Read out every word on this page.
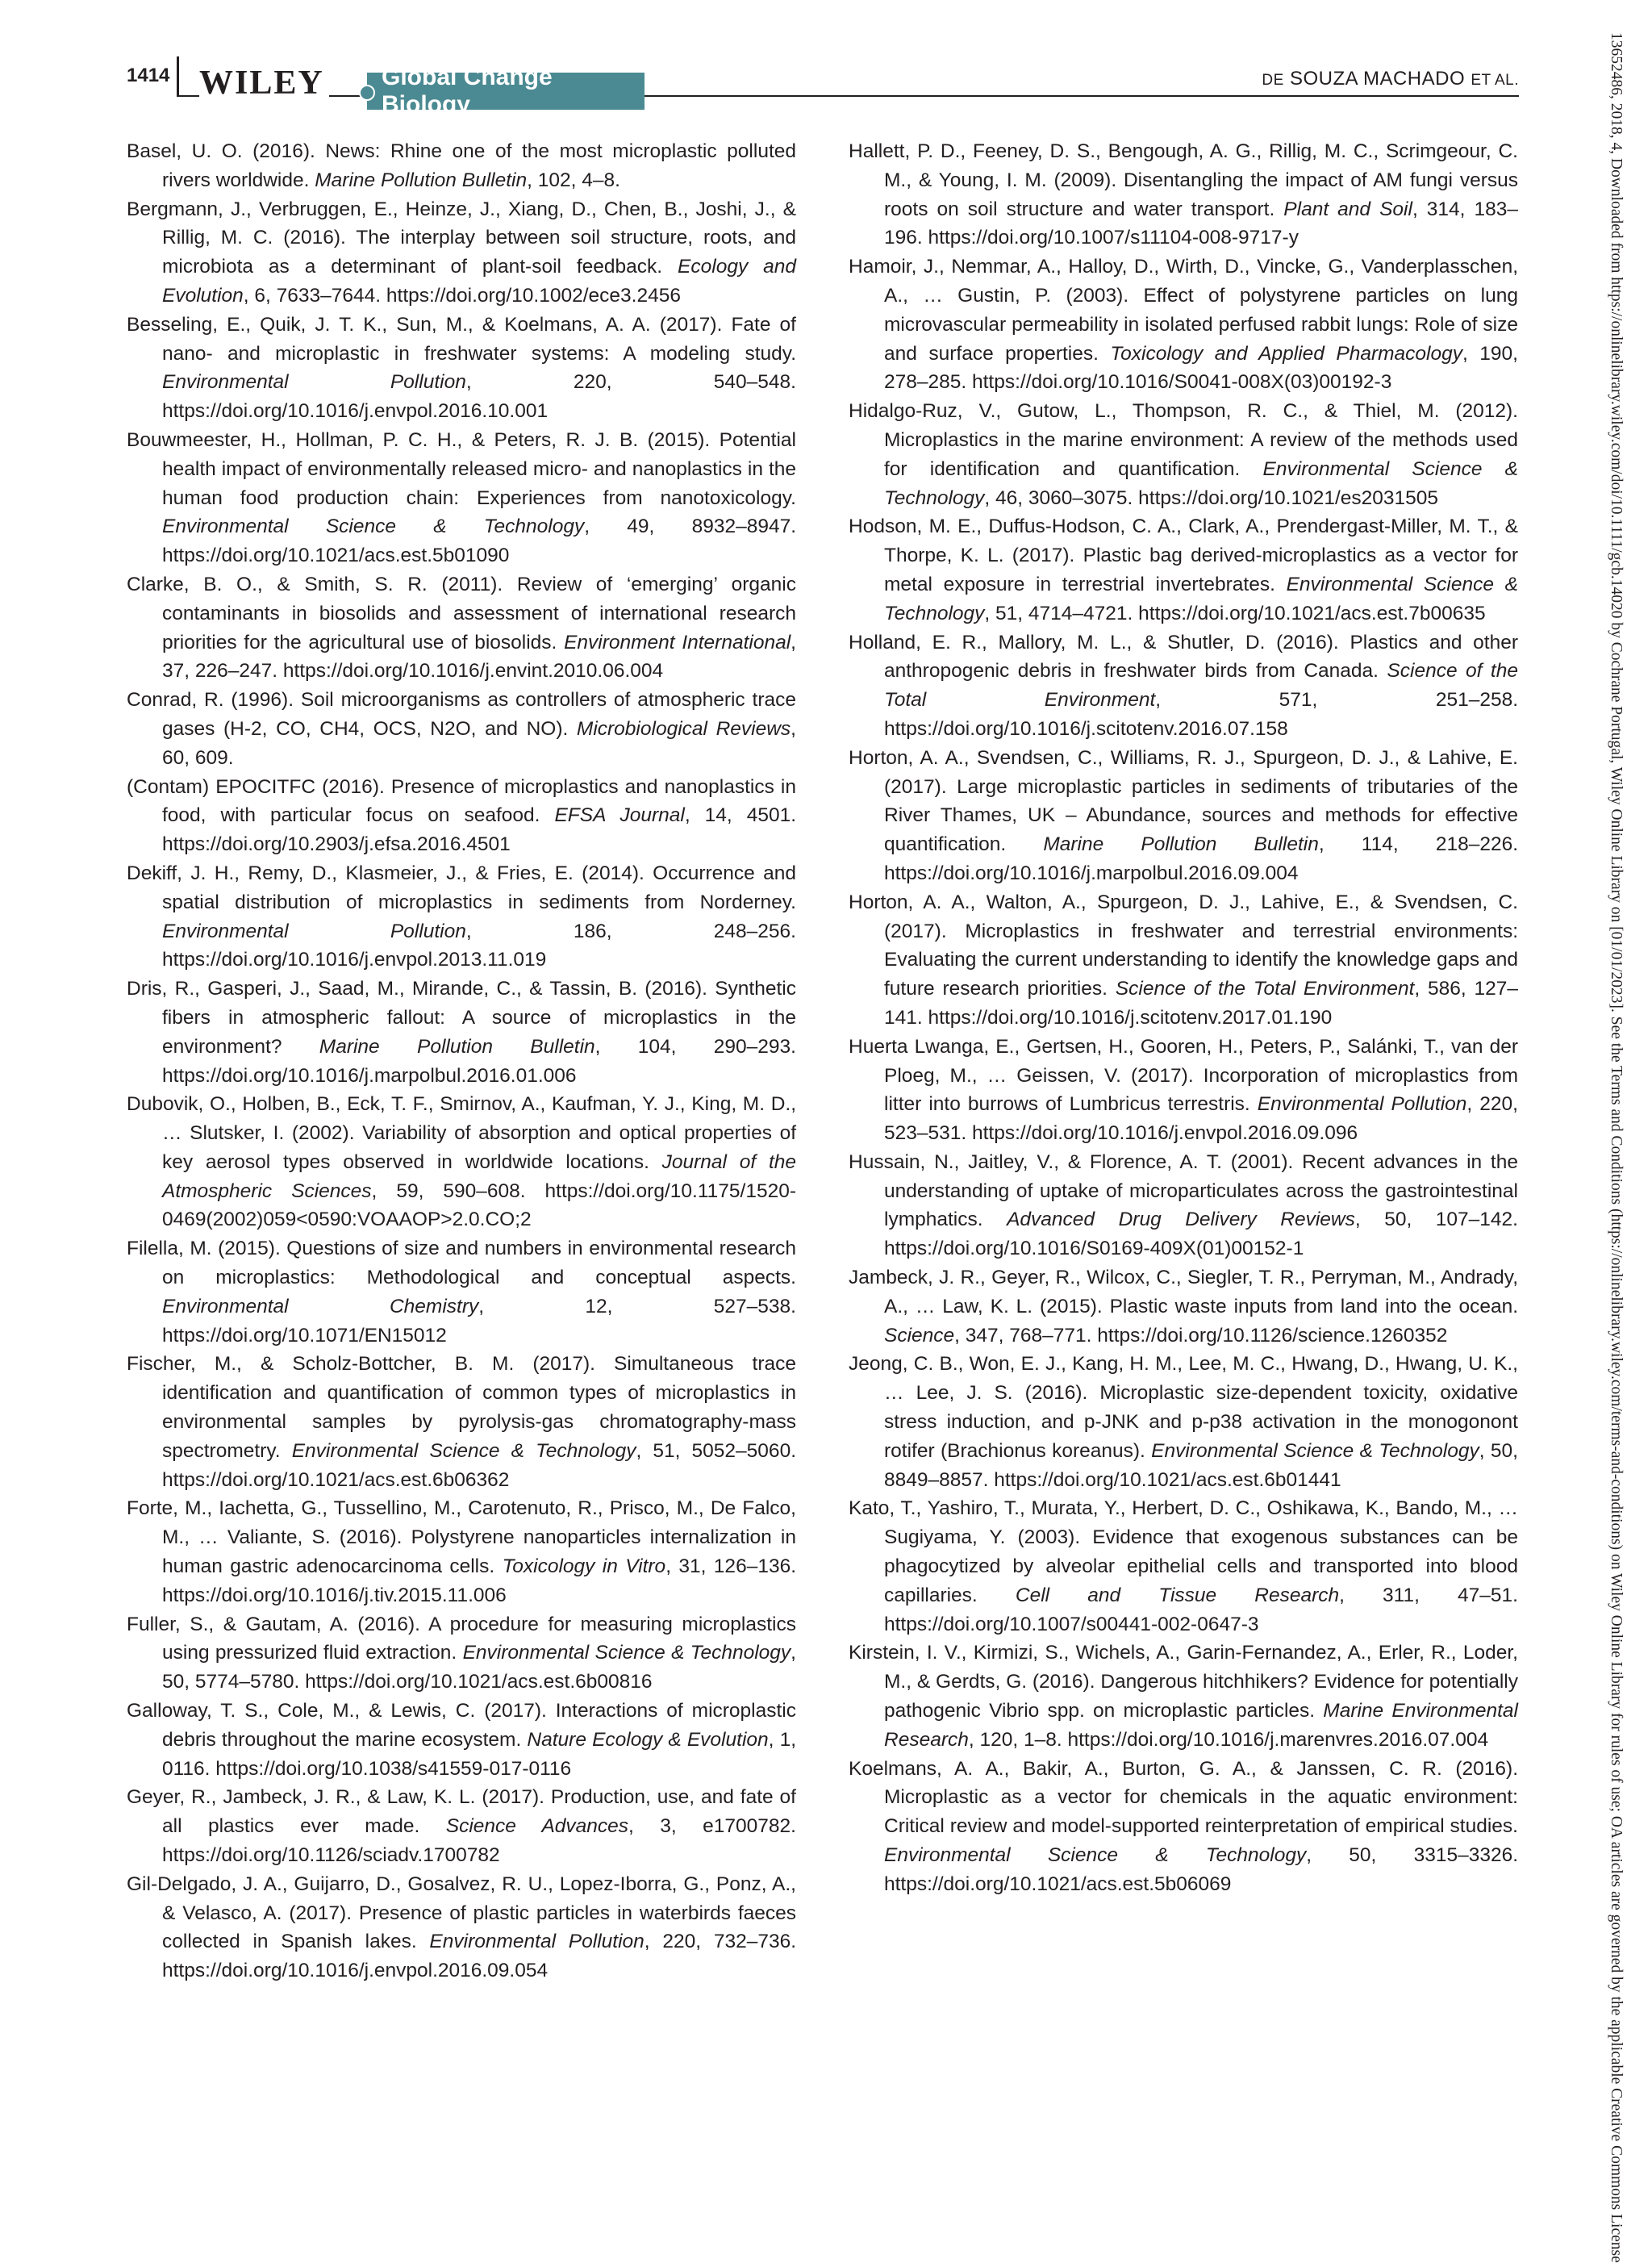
1414 WILEY Global Change Biology
DE SOUZA MACHADO ET AL.

Basel, U. O. (2016). News: Rhine one of the most microplastic polluted rivers worldwide. Marine Pollution Bulletin, 102, 4–8.

Bergmann, J., Verbruggen, E., Heinze, J., Xiang, D., Chen, B., Joshi, J., & Rillig, M. C. (2016). The interplay between soil structure, roots, and microbiota as a determinant of plant-soil feedback. Ecology and Evolution, 6, 7633–7644. https://doi.org/10.1002/ece3.2456

Besseling, E., Quik, J. T. K., Sun, M., & Koelmans, A. A. (2017). Fate of nano- and microplastic in freshwater systems: A modeling study. Environmental Pollution, 220, 540–548. https://doi.org/10.1016/j.envpol.2016.10.001

Bouwmeester, H., Hollman, P. C. H., & Peters, R. J. B. (2015). Potential health impact of environmentally released micro- and nanoplastics in the human food production chain: Experiences from nanotoxicology. Environmental Science & Technology, 49, 8932–8947. https://doi.org/10.1021/acs.est.5b01090

Clarke, B. O., & Smith, S. R. (2011). Review of ‘emerging’ organic contaminants in biosolids and assessment of international research priorities for the agricultural use of biosolids. Environment International, 37, 226–247. https://doi.org/10.1016/j.envint.2010.06.004

Conrad, R. (1996). Soil microorganisms as controllers of atmospheric trace gases (H-2, CO, CH4, OCS, N2O, and NO). Microbiological Reviews, 60, 609.

(Contam) EPOCITFC (2016). Presence of microplastics and nanoplastics in food, with particular focus on seafood. EFSA Journal, 14, 4501. https://doi.org/10.2903/j.efsa.2016.4501

Dekiff, J. H., Remy, D., Klasmeier, J., & Fries, E. (2014). Occurrence and spatial distribution of microplastics in sediments from Norderney. Environmental Pollution, 186, 248–256. https://doi.org/10.1016/j.envpol.2013.11.019

Dris, R., Gasperi, J., Saad, M., Mirande, C., & Tassin, B. (2016). Synthetic fibers in atmospheric fallout: A source of microplastics in the environment? Marine Pollution Bulletin, 104, 290–293. https://doi.org/10.1016/j.marpolbul.2016.01.006

Dubovik, O., Holben, B., Eck, T. F., Smirnov, A., Kaufman, Y. J., King, M. D., … Slutsker, I. (2002). Variability of absorption and optical properties of key aerosol types observed in worldwide locations. Journal of the Atmospheric Sciences, 59, 590–608. https://doi.org/10.1175/1520-0469(2002)059<0590:VOAAOP>2.0.CO;2

Filella, M. (2015). Questions of size and numbers in environmental research on microplastics: Methodological and conceptual aspects. Environmental Chemistry, 12, 527–538. https://doi.org/10.1071/EN15012

Fischer, M., & Scholz-Bottcher, B. M. (2017). Simultaneous trace identification and quantification of common types of microplastics in environmental samples by pyrolysis-gas chromatography-mass spectrometry. Environmental Science & Technology, 51, 5052–5060. https://doi.org/10.1021/acs.est.6b06362

Forte, M., Iachetta, G., Tussellino, M., Carotenuto, R., Prisco, M., De Falco, M., … Valiante, S. (2016). Polystyrene nanoparticles internalization in human gastric adenocarcinoma cells. Toxicology in Vitro, 31, 126–136. https://doi.org/10.1016/j.tiv.2015.11.006

Fuller, S., & Gautam, A. (2016). A procedure for measuring microplastics using pressurized fluid extraction. Environmental Science & Technology, 50, 5774–5780. https://doi.org/10.1021/acs.est.6b00816

Galloway, T. S., Cole, M., & Lewis, C. (2017). Interactions of microplastic debris throughout the marine ecosystem. Nature Ecology & Evolution, 1, 0116. https://doi.org/10.1038/s41559-017-0116

Geyer, R., Jambeck, J. R., & Law, K. L. (2017). Production, use, and fate of all plastics ever made. Science Advances, 3, e1700782. https://doi.org/10.1126/sciadv.1700782

Gil-Delgado, J. A., Guijarro, D., Gosalvez, R. U., Lopez-Iborra, G., Ponz, A., & Velasco, A. (2017). Presence of plastic particles in waterbirds faeces collected in Spanish lakes. Environmental Pollution, 220, 732–736. https://doi.org/10.1016/j.envpol.2016.09.054

Hallett, P. D., Feeney, D. S., Bengough, A. G., Rillig, M. C., Scrimgeour, C. M., & Young, I. M. (2009). Disentangling the impact of AM fungi versus roots on soil structure and water transport. Plant and Soil, 314, 183–196. https://doi.org/10.1007/s11104-008-9717-y

Hamoir, J., Nemmar, A., Halloy, D., Wirth, D., Vincke, G., Vanderplasschen, A., … Gustin, P. (2003). Effect of polystyrene particles on lung microvascular permeability in isolated perfused rabbit lungs: Role of size and surface properties. Toxicology and Applied Pharmacology, 190, 278–285. https://doi.org/10.1016/S0041-008X(03)00192-3

Hidalgo-Ruz, V., Gutow, L., Thompson, R. C., & Thiel, M. (2012). Microplastics in the marine environment: A review of the methods used for identification and quantification. Environmental Science & Technology, 46, 3060–3075. https://doi.org/10.1021/es2031505

Hodson, M. E., Duffus-Hodson, C. A., Clark, A., Prendergast-Miller, M. T., & Thorpe, K. L. (2017). Plastic bag derived-microplastics as a vector for metal exposure in terrestrial invertebrates. Environmental Science & Technology, 51, 4714–4721. https://doi.org/10.1021/acs.est.7b00635

Holland, E. R., Mallory, M. L., & Shutler, D. (2016). Plastics and other anthropogenic debris in freshwater birds from Canada. Science of the Total Environment, 571, 251–258. https://doi.org/10.1016/j.scitotenv.2016.07.158

Horton, A. A., Svendsen, C., Williams, R. J., Spurgeon, D. J., & Lahive, E. (2017). Large microplastic particles in sediments of tributaries of the River Thames, UK – Abundance, sources and methods for effective quantification. Marine Pollution Bulletin, 114, 218–226. https://doi.org/10.1016/j.marpolbul.2016.09.004

Horton, A. A., Walton, A., Spurgeon, D. J., Lahive, E., & Svendsen, C. (2017). Microplastics in freshwater and terrestrial environments: Evaluating the current understanding to identify the knowledge gaps and future research priorities. Science of the Total Environment, 586, 127–141. https://doi.org/10.1016/j.scitotenv.2017.01.190

Huerta Lwanga, E., Gertsen, H., Gooren, H., Peters, P., Salánki, T., van der Ploeg, M., … Geissen, V. (2017). Incorporation of microplastics from litter into burrows of Lumbricus terrestris. Environmental Pollution, 220, 523–531. https://doi.org/10.1016/j.envpol.2016.09.096

Hussain, N., Jaitley, V., & Florence, A. T. (2001). Recent advances in the understanding of uptake of microparticulates across the gastrointestinal lymphatics. Advanced Drug Delivery Reviews, 50, 107–142. https://doi.org/10.1016/S0169-409X(01)00152-1

Jambeck, J. R., Geyer, R., Wilcox, C., Siegler, T. R., Perryman, M., Andrady, A., … Law, K. L. (2015). Plastic waste inputs from land into the ocean. Science, 347, 768–771. https://doi.org/10.1126/science.1260352

Jeong, C. B., Won, E. J., Kang, H. M., Lee, M. C., Hwang, D., Hwang, U. K., … Lee, J. S. (2016). Microplastic size-dependent toxicity, oxidative stress induction, and p-JNK and p-p38 activation in the monogonont rotifer (Brachionus koreanus). Environmental Science & Technology, 50, 8849–8857. https://doi.org/10.1021/acs.est.6b01441

Kato, T., Yashiro, T., Murata, Y., Herbert, D. C., Oshikawa, K., Bando, M., … Sugiyama, Y. (2003). Evidence that exogenous substances can be phagocytized by alveolar epithelial cells and transported into blood capillaries. Cell and Tissue Research, 311, 47–51. https://doi.org/10.1007/s00441-002-0647-3

Kirstein, I. V., Kirmizi, S., Wichels, A., Garin-Fernandez, A., Erler, R., Loder, M., & Gerdts, G. (2016). Dangerous hitchhikers? Evidence for potentially pathogenic Vibrio spp. on microplastic particles. Marine Environmental Research, 120, 1–8. https://doi.org/10.1016/j.marenvres.2016.07.004

Koelmans, A. A., Bakir, A., Burton, G. A., & Janssen, C. R. (2016). Microplastic as a vector for chemicals in the aquatic environment: Critical review and model-supported reinterpretation of empirical studies. Environmental Science & Technology, 50, 3315–3326. https://doi.org/10.1021/acs.est.5b06069	13652486, 2018, 4, Downloaded from https://onlinelibrary.wiley.com/doi/10.1111/gcb.14020 by Cochrane Portugal, Wiley Online Library on [01/01/2023]. See the Terms and Conditions (https://onlinelibrary.wiley.com/terms-and-conditions) on Wiley Online Library for rules of use; OA articles are governed by the applicable Creative Commons License
